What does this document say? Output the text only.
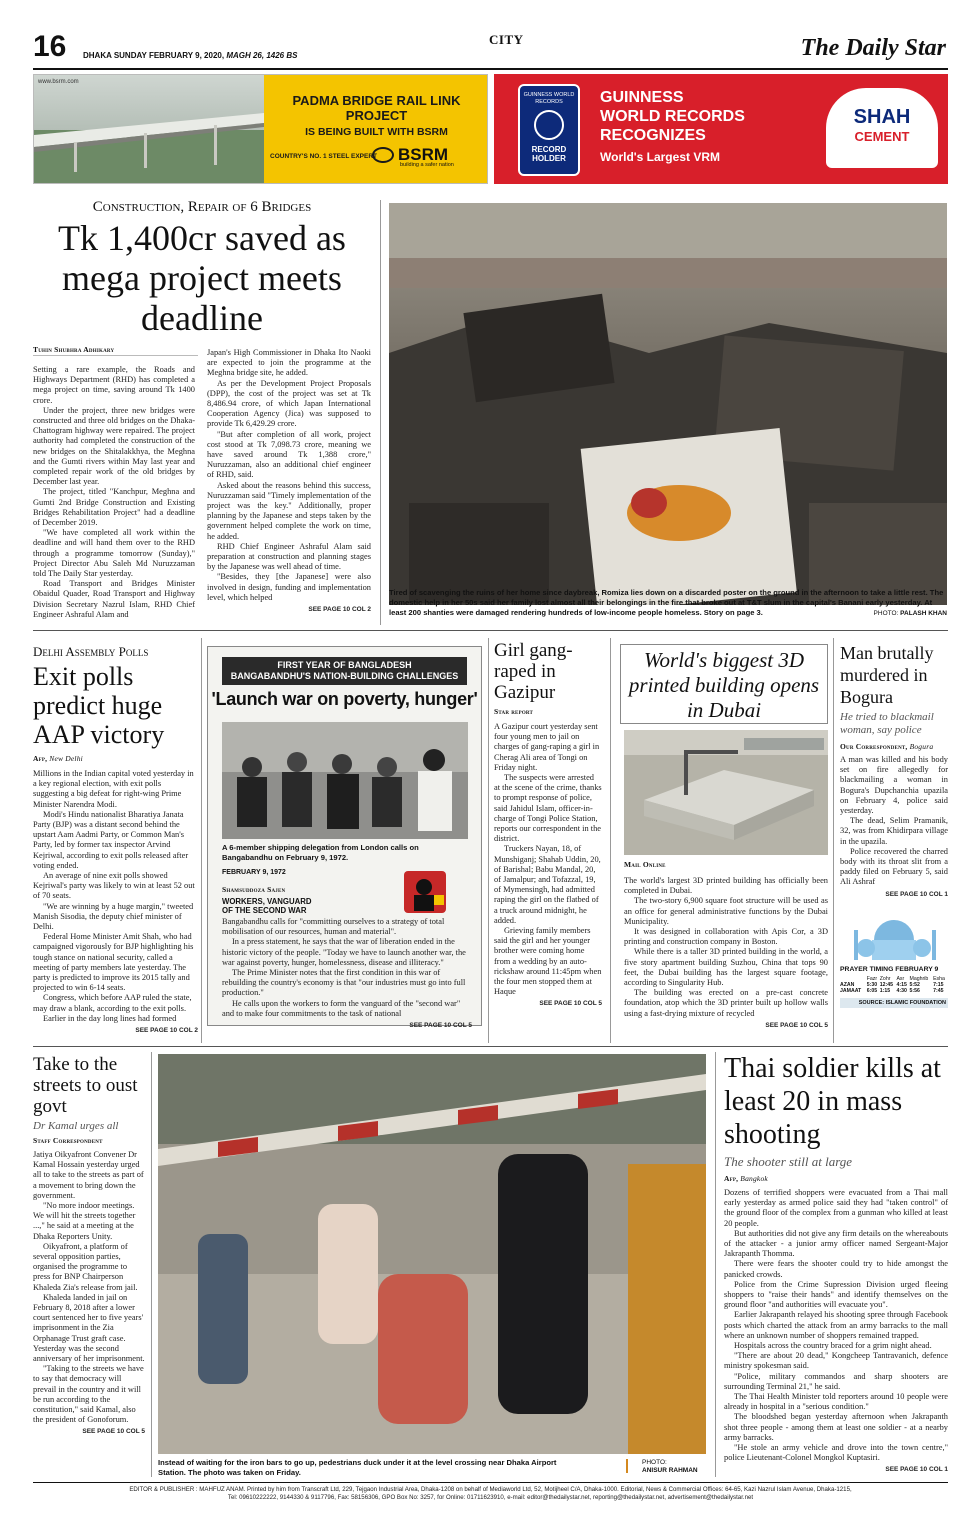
16 DHAKA SUNDAY FEBRUARY 9, 2020, MAGH 26, 1426 BS
CITY	The Daily Star
www.bsrm.com
PADMA BRIDGE RAIL LINK PROJECT
IS BEING BUILT WITH BSRM
COUNTRY'S NO. 1 STEEL EXPERT	BSRM
building a safer nation
GUINNESS WORLD RECORDS
RECORD HOLDER
GUINNESS
WORLD RECORDS
RECOGNIZES
World's Largest VRM
SHAH
CEMENT
Construction, Repair of 6 Bridges
Tk 1,400cr saved as mega project meets deadline
Tuhin Shubhra Adhikary

Setting a rare example, the Roads and Highways Department (RHD) has completed a mega project on time, saving around Tk 1400 crore.

Under the project, three new bridges were constructed and three old bridges on the Dhaka-Chattogram highway were repaired. The project authority had completed the construction of the new bridges on the Shitalakkhya, the Meghna and the Gumti rivers within May last year and completed repair work of the old bridges by December last year.

The project, titled "Kanchpur, Meghna and Gumti 2nd Bridge Construction and Existing Bridges Rehabilitation Project" had a deadline of December 2019.

"We have completed all work within the deadline and will hand them over to the RHD through a programme tomorrow (Sunday)," Project Director Abu Saleh Md Nuruzzaman told The Daily Star yesterday.

Road Transport and Bridges Minister Obaidul Quader, Road Transport and Highway Division Secretary Nazrul Islam, RHD Chief Engineer Ashraful Alam and

Japan's High Commissioner in Dhaka Ito Naoki are expected to join the programme at the Meghna bridge site, he added.

As per the Development Project Proposals (DPP), the cost of the project was set at Tk 8,486.94 crore, of which Japan International Cooperation Agency (Jica) was supposed to provide Tk 6,429.29 crore.

"But after completion of all work, project cost stood at Tk 7,098.73 crore, meaning we have saved around Tk 1,388 crore," Nuruzzaman, also an additional chief engineer of RHD, said.

Asked about the reasons behind this success, Nuruzzaman said "Timely implementation of the project was the key." Additionally, proper planning by the Japanese and steps taken by the government helped complete the work on time, he added.

RHD Chief Engineer Ashraful Alam said preparation at construction and planning stages by the Japanese was well ahead of time.

"Besides, they [the Japanese] were also involved in design, funding and implementation level, which helped

SEE PAGE 10 COL 2
Tired of scavenging the ruins of her home since daybreak, Romiza lies down on a discarded poster on the ground in the afternoon to take a little rest. The domestic help in her 50s said her family lost almost all their belongings in the fire that broke out at T&T slum in the capital's Banani early yesterday. At least 200 shanties were damaged rendering hundreds of low-income people homeless. Story on page 3.	PHOTO: PALASH KHAN
Delhi Assembly Polls
Exit polls predict huge AAP victory
Afp, New Delhi

Millions in the Indian capital voted yesterday in a key regional election, with exit polls suggesting a big defeat for right-wing Prime Minister Narendra Modi.

Modi's Hindu nationalist Bharatiya Janata Party (BJP) was a distant second behind the upstart Aam Aadmi Party, or Common Man's Party, led by former tax inspector Arvind Kejriwal, according to exit polls released after voting ended.

An average of nine exit polls showed Kejriwal's party was likely to win at least 52 out of 70 seats.

"We are winning by a huge margin," tweeted Manish Sisodia, the deputy chief minister of Delhi.

Federal Home Minister Amit Shah, who had campaigned vigorously for BJP highlighting his tough stance on national security, called a meeting of party members late yesterday. The party is predicted to improve its 2015 tally and projected to win 6-14 seats.

Congress, which before AAP ruled the state, may draw a blank, according to the exit polls.

Earlier in the day long lines had formed

SEE PAGE 10 COL 2
FIRST YEAR OF BANGLADESH
BANGABANDHU'S NATION-BUILDING CHALLENGES
'Launch war on poverty, hunger'
A 6-member shipping delegation from London calls on Bangabandhu on February 9, 1972.
FEBRUARY 9, 1972
Shamsuddoza Sajen
WORKERS, VANGUARD OF THE SECOND WAR

Bangabandhu calls for "committing ourselves to a strategy of total mobilisation of our resources, human and material".

In a press statement, he says that the war of liberation ended in the historic victory of the people. "Today we have to launch another war, the war against poverty, hunger, homelessness, disease and illiteracy."

The Prime Minister notes that the first condition in this war of rebuilding the country's economy is that "our industries must go into full production."

He calls upon the workers to form the vanguard of the "second war" and to make four commitments to the task of national

SEE PAGE 10 COL 5
Girl gang-raped in Gazipur
Star report

A Gazipur court yesterday sent four young men to jail on charges of gang-raping a girl in Cherag Ali area of Tongi on Friday night.

The suspects were arrested at the scene of the crime, thanks to prompt response of police, said Jahidul Islam, officer-in-charge of Tongi Police Station, reports our correspondent in the district.

Truckers Nayan, 18, of Munshiganj; Shahab Uddin, 20, of Barishal; Babu Mandal, 20, of Jamalpur; and Tofazzal, 19, of Mymensingh, had admitted raping the girl on the flatbed of a truck around midnight, he added.

Grieving family members said the girl and her younger brother were coming home from a wedding by an auto-rickshaw around 11:45pm when the four men stopped them at Haque

SEE PAGE 10 COL 5
World's biggest 3D printed building opens in Dubai
Mail Online

The world's largest 3D printed building has officially been completed in Dubai.

The two-story 6,900 square foot structure will be used as an office for general administrative functions by the Dubai Municipality.

It was designed in collaboration with Apis Cor, a 3D printing and construction company in Boston.

While there is a taller 3D printed building in the world, a five story apartment building Suzhou, China that tops 90 feet, the Dubai building has the largest square footage, according to Singularity Hub.

The building was erected on a pre-cast concrete foundation, atop which the 3D printer built up hollow walls using a fast-drying mixture of recycled

SEE PAGE 10 COL 5
Man brutally murdered in Bogura
He tried to blackmail woman, say police
Our Correspondent, Bogura

A man was killed and his body set on fire allegedly for blackmailing a woman in Bogura's Dupchanchia upazila on February 4, police said yesterday.

The dead, Selim Pramanik, 32, was from Khidirpara village in the upazila.

Police recovered the charred body with its throat slit from a paddy filed on February 5, said Ali Ashraf

SEE PAGE 10 COL 1
PRAYER TIMING FEBRUARY 9
	Fazr	Zohr	Asr	Maghrib	Esha
AZAN	5:30	12:45	4:15	5:52	7:15
JAMAAT	6:05	1:15	4:30	5:56	7:45
SOURCE: ISLAMIC FOUNDATION
Take to the streets to oust govt
Dr Kamal urges all
Staff Correspondent

Jatiya Oikyafront Convener Dr Kamal Hossain yesterday urged all to take to the streets as part of a movement to bring down the government.

"No more indoor meetings. We will hit the streets together ...," he said at a meeting at the Dhaka Reporters Unity.

Oikyafront, a platform of several opposition parties, organised the programme to press for BNP Chairperson Khaleda Zia's release from jail.

Khaleda landed in jail on February 8, 2018 after a lower court sentenced her to five years' imprisonment in the Zia Orphanage Trust graft case. Yesterday was the second anniversary of her imprisonment.

"Taking to the streets we have to say that democracy will prevail in the country and it will be run according to the constitution," said Kamal, also the president of Gonoforum.

SEE PAGE 10 COL 5
Instead of waiting for the iron bars to go up, pedestrians duck under it at the level crossing near Dhaka Airport Station. The photo was taken on Friday.
PHOTO:
ANISUR RAHMAN
Thai soldier kills at least 20 in mass shooting
The shooter still at large
Afp, Bangkok

Dozens of terrified shoppers were evacuated from a Thai mall early yesterday as armed police said they had "taken control" of the ground floor of the complex from a gunman who killed at least 20 people.

But authorities did not give any firm details on the whereabouts of the attacker - a junior army officer named Sergeant-Major Jakrapanth Thomma.

There were fears the shooter could try to hide amongst the panicked crowds.

Police from the Crime Supression Division urged fleeing shoppers to "raise their hands" and identify themselves on the ground floor "and authorities will evacuate you".

Earlier Jakrapanth relayed his shooting spree through Facebook posts which charted the attack from an army barracks to the mall where an unknown number of shoppers remained trapped.

Hospitals across the country braced for a grim night ahead.

"There are about 20 dead," Kongcheep Tantravanich, defence ministry spokesman said.

"Police, military commandos and sharp shooters are surrounding Terminal 21," he said.

The Thai Health Minister told reporters around 10 people were already in hospital in a "serious condition."

The bloodshed began yesterday afternoon when Jakrapanth shot three people - among them at least one soldier - at a nearby army barracks.

"He stole an army vehicle and drove into the town centre," police Lieutenant-Colonel Mongkol Kuptasiri.

SEE PAGE 10 COL 1
EDITOR & PUBLISHER : MAHFUZ ANAM. Printed by him from Transcraft Ltd, 229, Tejgaon Industrial Area, Dhaka-1208 on behalf of Mediaworld Ltd, 52, Motijheel C/A, Dhaka-1000. Editorial, News & Commercial Offices: 64-65, Kazi Nazrul Islam Avenue, Dhaka-1215,
Tel: 09610222222, 9144330 & 9117796, Fax: 58156306, GPO Box No: 3257, for Online: 01711623910, e-mail: editor@thedailystar.net, reporting@thedailystar.net, advertisement@thedailystar.net
